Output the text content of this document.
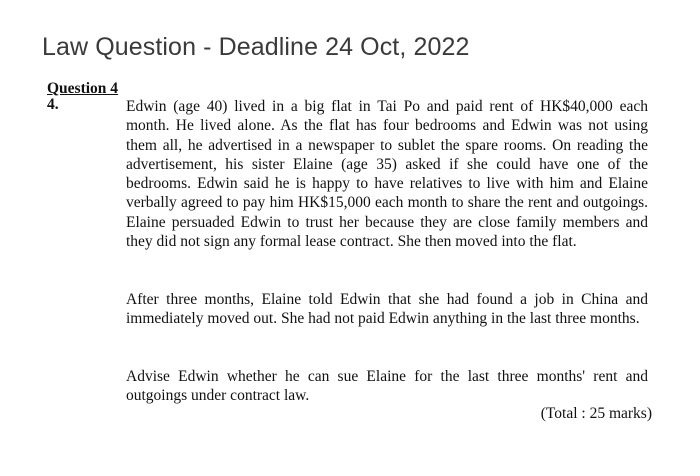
Law Question - Deadline 24 Oct, 2022
Question 4
4.	Edwin (age 40) lived in a big flat in Tai Po and paid rent of HK$40,000 each month. He lived alone. As the flat has four bedrooms and Edwin was not using them all, he advertised in a newspaper to sublet the spare rooms. On reading the advertisement, his sister Elaine (age 35) asked if she could have one of the bedrooms. Edwin said he is happy to have relatives to live with him and Elaine verbally agreed to pay him HK$15,000 each month to share the rent and outgoings. Elaine persuaded Edwin to trust her because they are close family members and they did not sign any formal lease contract. She then moved into the flat.

After three months, Elaine told Edwin that she had found a job in China and immediately moved out. She had not paid Edwin anything in the last three months.

Advise Edwin whether he can sue Elaine for the last three months' rent and outgoings under contract law.

(Total : 25 marks)
